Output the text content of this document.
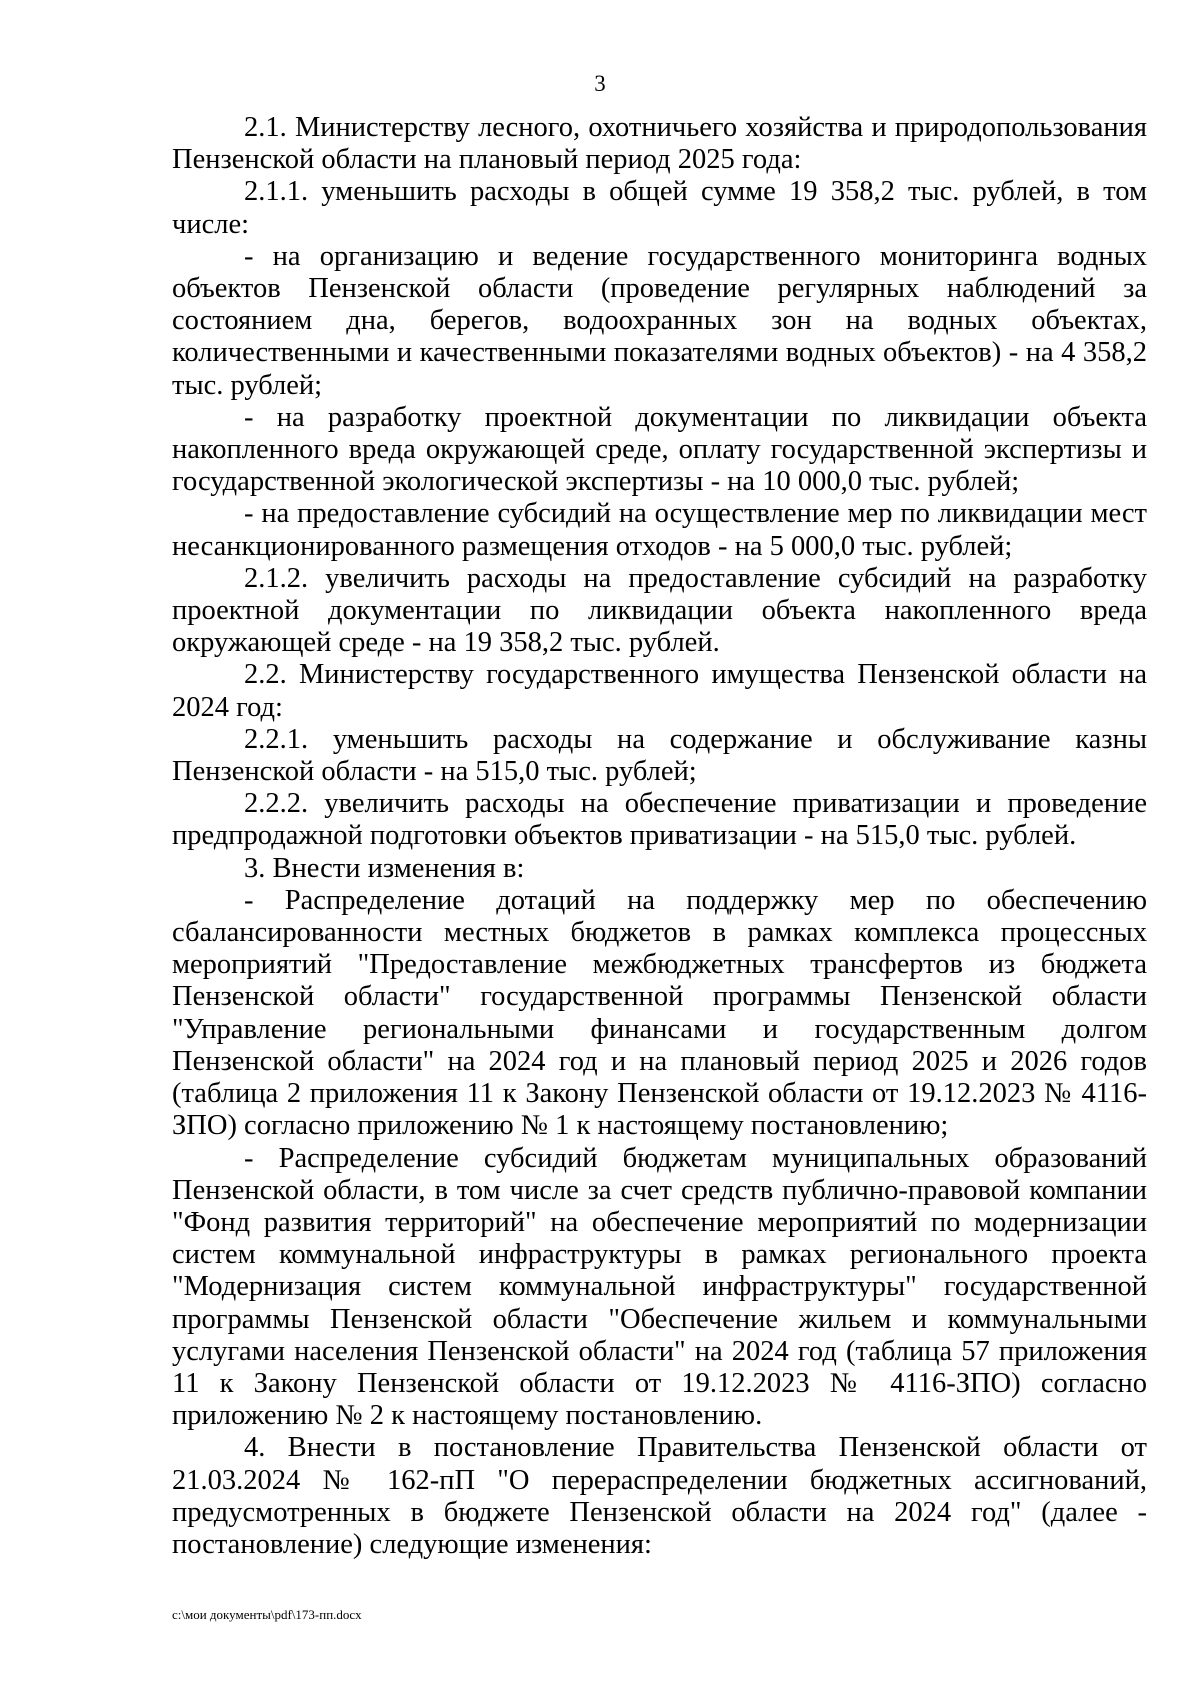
3

2.1. Министерству лесного, охотничьего хозяйства и природопользования Пензенской области на плановый период 2025 года:

2.1.1. уменьшить расходы в общей сумме 19 358,2 тыс. рублей, в том числе:

- на организацию и ведение государственного мониторинга водных объектов Пензенской области (проведение регулярных наблюдений за состоянием дна, берегов, водоохранных зон на водных объектах, количественными и качественными показателями водных объектов) - на 4 358,2 тыс. рублей;

- на разработку проектной документации по ликвидации объекта накопленного вреда окружающей среде, оплату государственной экспертизы и государственной экологической экспертизы - на 10 000,0 тыс. рублей;

- на предоставление субсидий на осуществление мер по ликвидации мест несанкционированного размещения отходов - на 5 000,0 тыс. рублей;

2.1.2. увеличить расходы на предоставление субсидий на разработку проектной документации по ликвидации объекта накопленного вреда окружающей среде - на 19 358,2 тыс. рублей.

2.2. Министерству государственного имущества Пензенской области на 2024 год:

2.2.1. уменьшить расходы на содержание и обслуживание казны Пензенской области - на 515,0 тыс. рублей;

2.2.2. увеличить расходы на обеспечение приватизации и проведение предпродажной подготовки объектов приватизации - на 515,0 тыс. рублей.

3. Внести изменения в:

- Распределение дотаций на поддержку мер по обеспечению сбалансированности местных бюджетов в рамках комплекса процессных мероприятий "Предоставление межбюджетных трансфертов из бюджета Пензенской области" государственной программы Пензенской области "Управление региональными финансами и государственным долгом Пензенской области" на 2024 год и на плановый период 2025 и 2026 годов (таблица 2 приложения 11 к Закону Пензенской области от 19.12.2023 № 4116-ЗПО) согласно приложению № 1 к настоящему постановлению;

- Распределение субсидий бюджетам муниципальных образований Пензенской области, в том числе за счет средств публично-правовой компании "Фонд развития территорий" на обеспечение мероприятий по модернизации систем коммунальной инфраструктуры в рамках регионального проекта "Модернизация систем коммунальной инфраструктуры" государственной программы Пензенской области "Обеспечение жильем и коммунальными услугами населения Пензенской области" на 2024 год (таблица 57 приложения 11 к Закону Пензенской области от 19.12.2023 № 4116-ЗПО) согласно приложению № 2 к настоящему постановлению.

4. Внести в постановление Правительства Пензенской области от 21.03.2024 № 162-пП "О перераспределении бюджетных ассигнований, предусмотренных в бюджете Пензенской области на 2024 год" (далее - постановление) следующие изменения:

c:\мои документы\pdf\173-пп.docx
